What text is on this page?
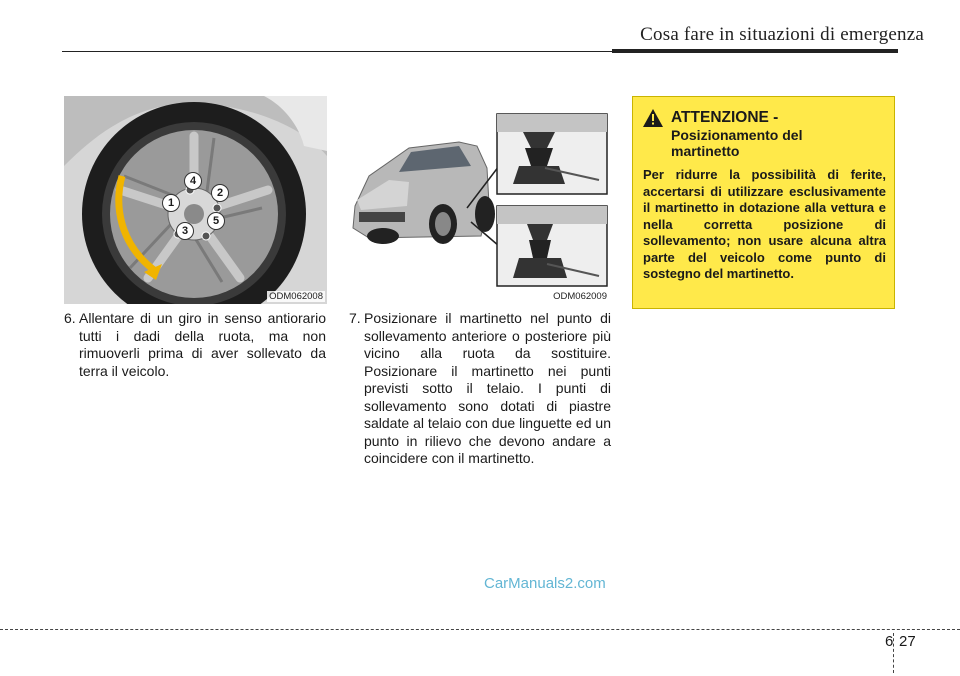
Cosa fare in situazioni di emergenza
4
2
1
3
5
ODM062008	ODM062009
6. Allentare di un giro in senso antiorario tutti i dadi della ruota, ma non rimuoverli prima di aver sollevato da terra il veicolo.
7. Posizionare il martinetto nel punto di sollevamento anteriore o posteriore più vicino alla ruota da sostituire. Posizionare il martinetto nei punti previsti sotto il telaio. I punti di sollevamento sono dotati di piastre saldate al telaio con due linguette ed un punto in rilievo che devono andare a coincidere con il martinetto.
ATTENZIONE -
Posizionamento del martinetto
Per ridurre la possibilità di ferite, accertarsi di utilizzare esclusivamente il martinetto in dotazione alla vettura e nella corretta posizione di sollevamento; non usare alcuna altra parte del veicolo come punto di sostegno del martinetto.
CarManuals2.com
6 27
